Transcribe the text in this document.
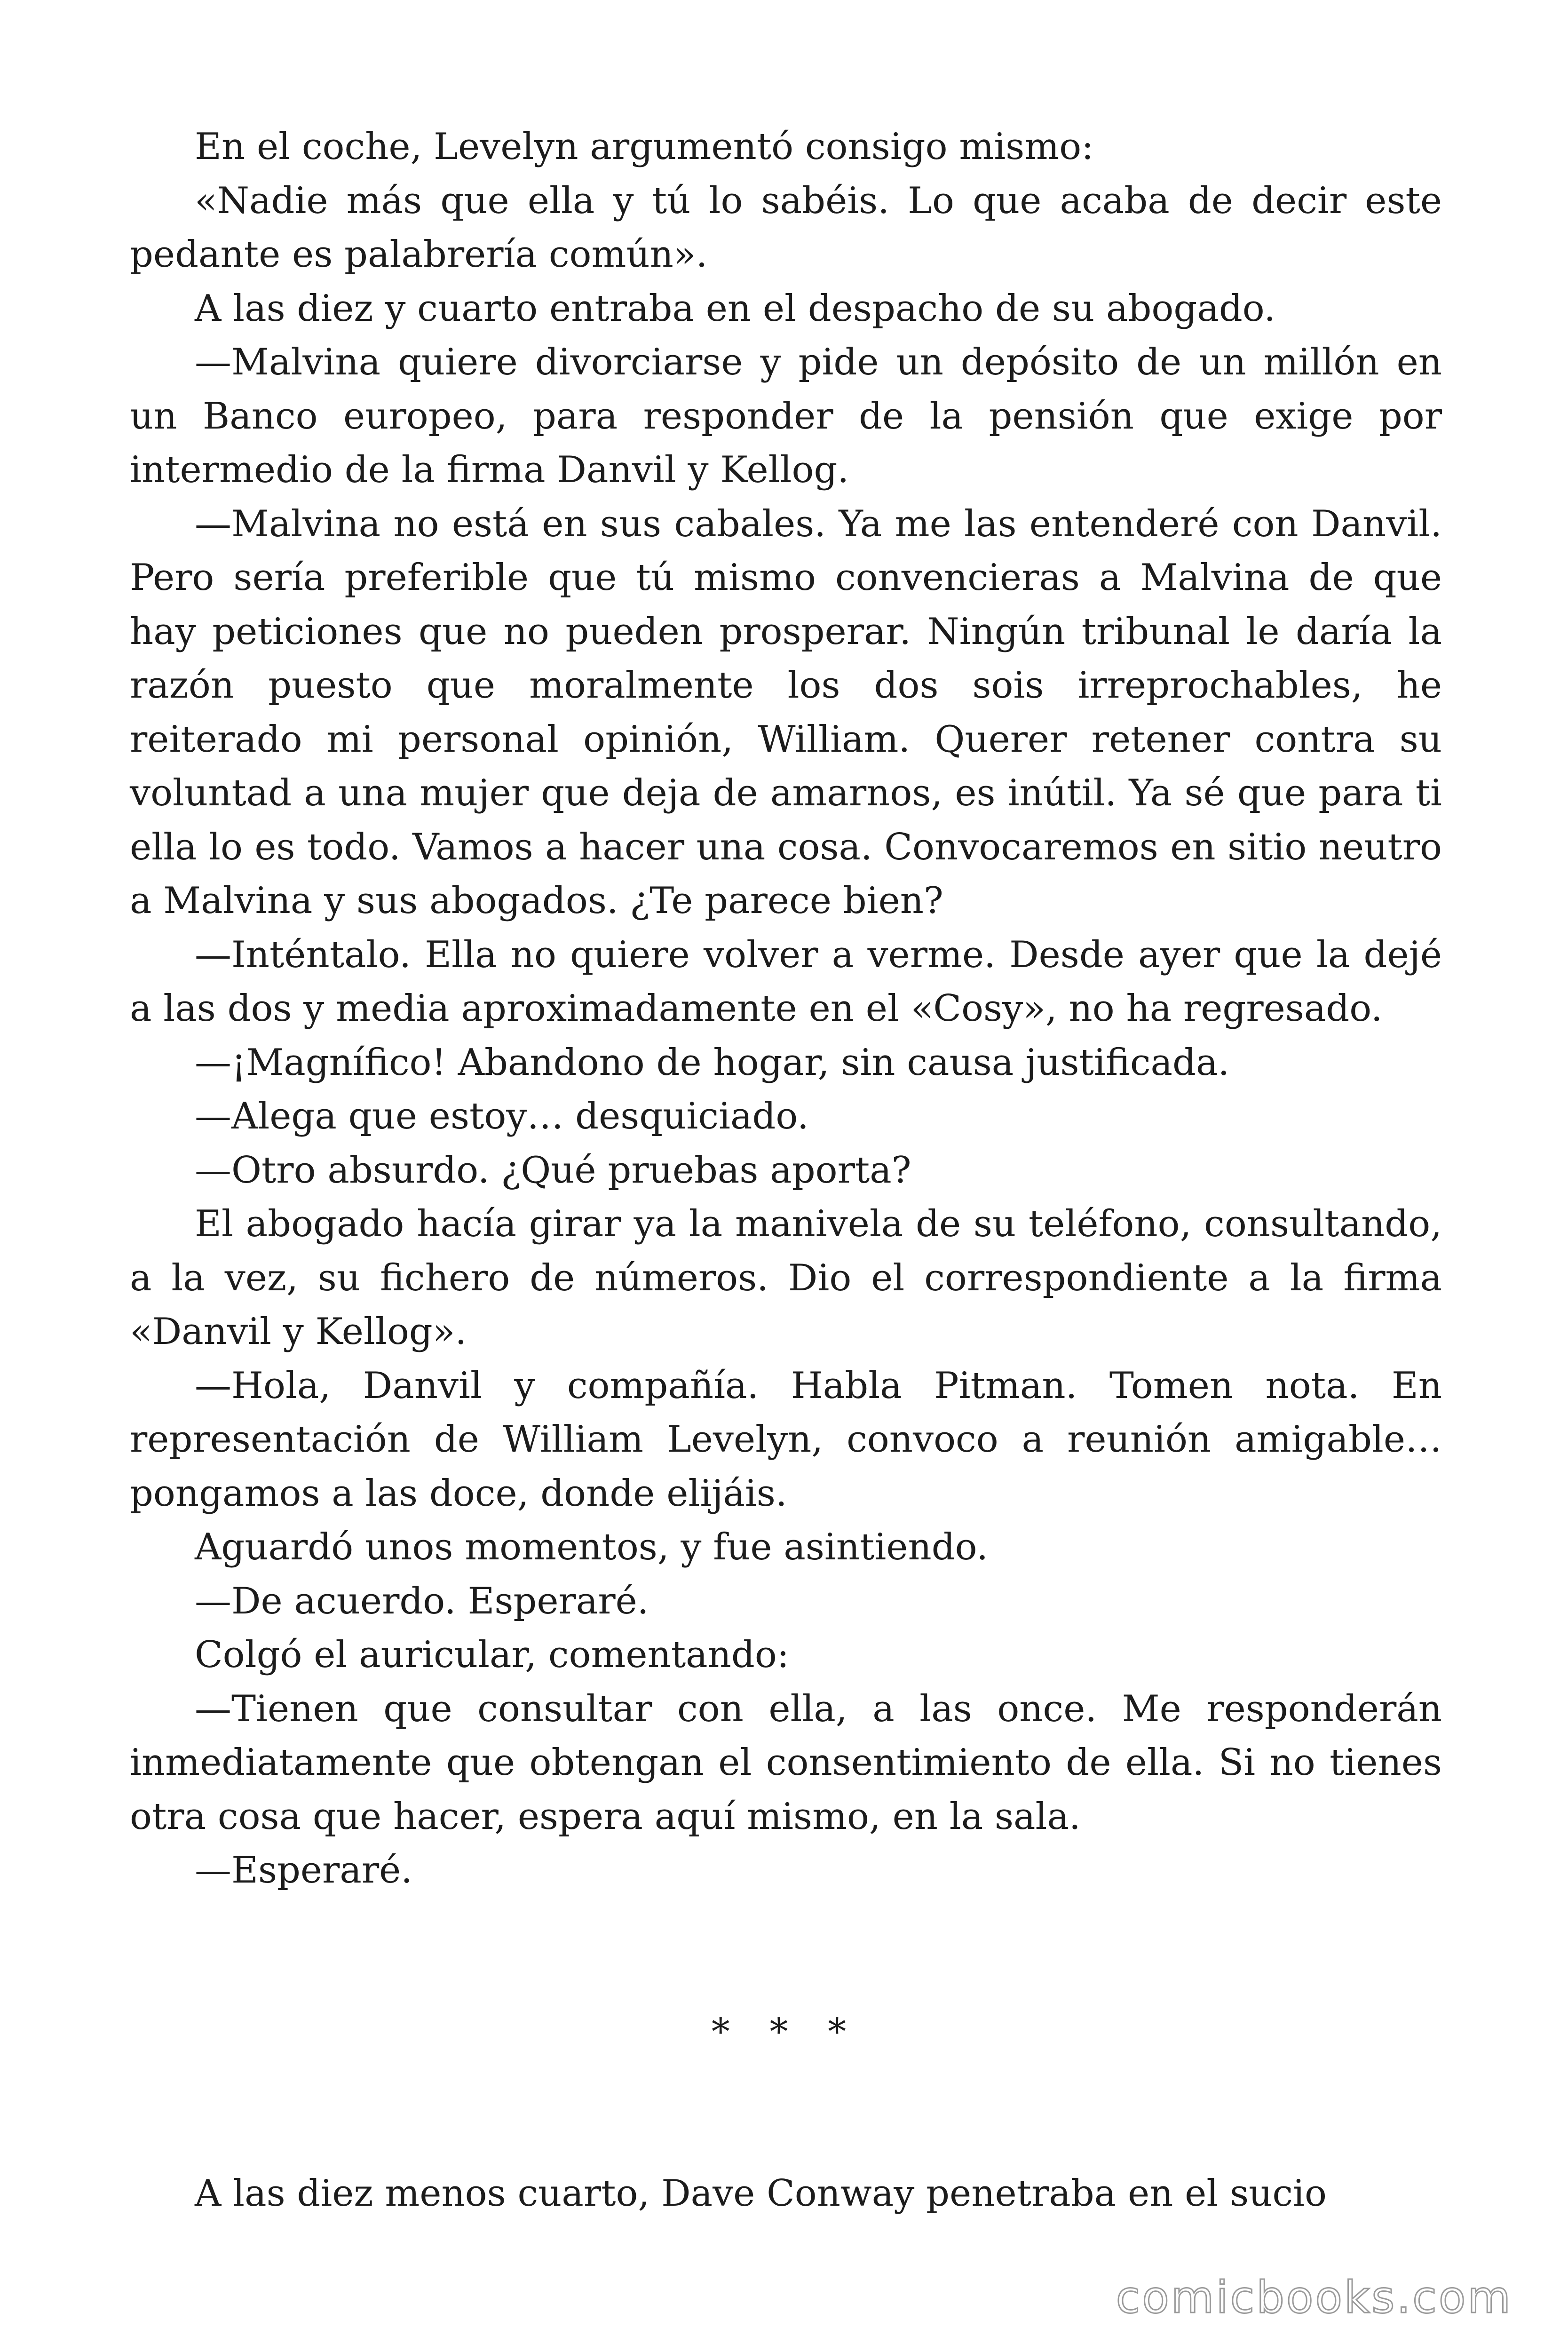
En el coche, Levelyn argumentó consigo mismo:

«Nadie más que ella y tú lo sabéis. Lo que acaba de decir este pedante es palabrería común».

A las diez y cuarto entraba en el despacho de su abogado.

—Malvina quiere divorciarse y pide un depósito de un millón en un Banco europeo, para responder de la pensión que exige por intermedio de la firma Danvil y Kellog.

—Malvina no está en sus cabales. Ya me las entenderé con Danvil. Pero sería preferible que tú mismo convencieras a Malvina de que hay peticiones que no pueden prosperar. Ningún tribunal le daría la razón puesto que moralmente los dos sois irreprochables, he reiterado mi personal opinión, William. Querer retener contra su voluntad a una mujer que deja de amarnos, es inútil. Ya sé que para ti ella lo es todo. Vamos a hacer una cosa. Convocaremos en sitio neutro a Malvina y sus abogados. ¿Te parece bien?

—Inténtalo. Ella no quiere volver a verme. Desde ayer que la dejé a las dos y media aproximadamente en el «Cosy», no ha regresado.

—¡Magnífico! Abandono de hogar, sin causa justificada.

—Alega que estoy… desquiciado.

—Otro absurdo. ¿Qué pruebas aporta?

El abogado hacía girar ya la manivela de su teléfono, consultando, a la vez, su fichero de números. Dio el correspondiente a la firma «Danvil y Kellog».

—Hola, Danvil y compañía. Habla Pitman. Tomen nota. En representación de William Levelyn, convoco a reunión amigable… pongamos a las doce, donde elijáis.

Aguardó unos momentos, y fue asintiendo.

—De acuerdo. Esperaré.

Colgó el auricular, comentando:

—Tienen que consultar con ella, a las once. Me responderán inmediatamente que obtengan el consentimiento de ella. Si no tienes otra cosa que hacer, espera aquí mismo, en la sala.

—Esperaré.

* * *

A las diez menos cuarto, Dave Conway penetraba en el sucio

comicbooks.com
